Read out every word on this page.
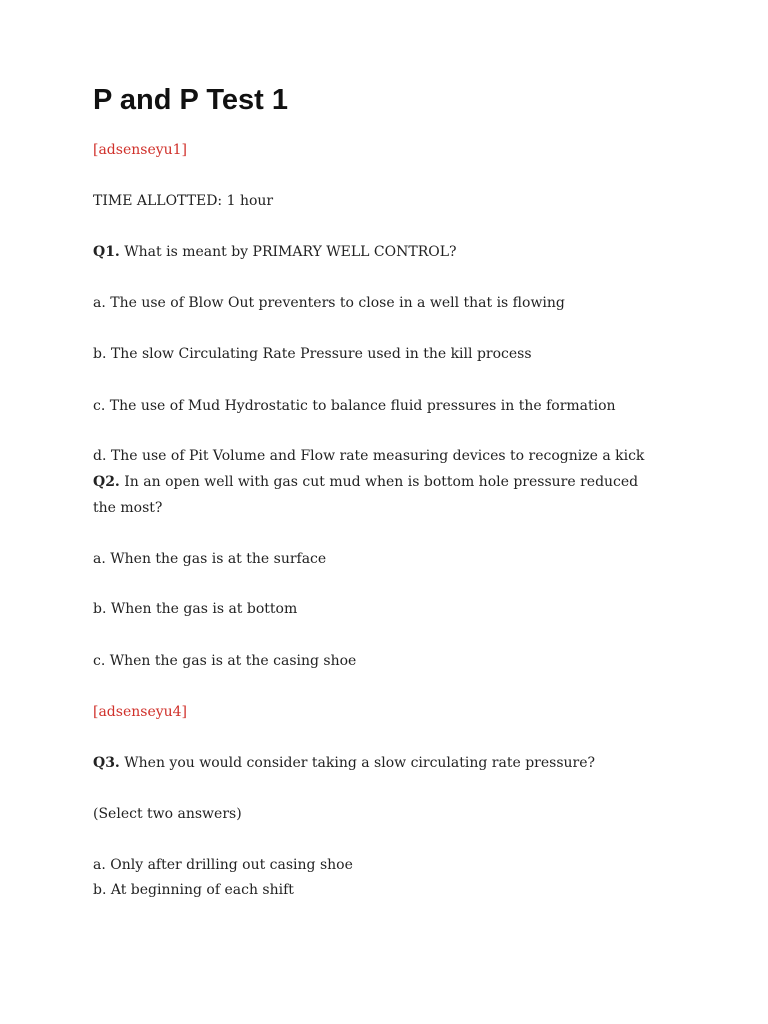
P and P Test 1

[adsenseyu1]

TIME ALLOTTED: 1 hour

Q1. What is meant by PRIMARY WELL CONTROL?

a. The use of Blow Out preventers to close in a well that is flowing

b. The slow Circulating Rate Pressure used in the kill process

c. The use of Mud Hydrostatic to balance fluid pressures in the formation

d. The use of Pit Volume and Flow rate measuring devices to recognize a kick

Q2. In an open well with gas cut mud when is bottom hole pressure reduced the most?

a. When the gas is at the surface

b. When the gas is at bottom

c. When the gas is at the casing shoe

[adsenseyu4]

Q3. When you would consider taking a slow circulating rate pressure?

(Select two answers)

a. Only after drilling out casing shoe

b. At beginning of each shift
